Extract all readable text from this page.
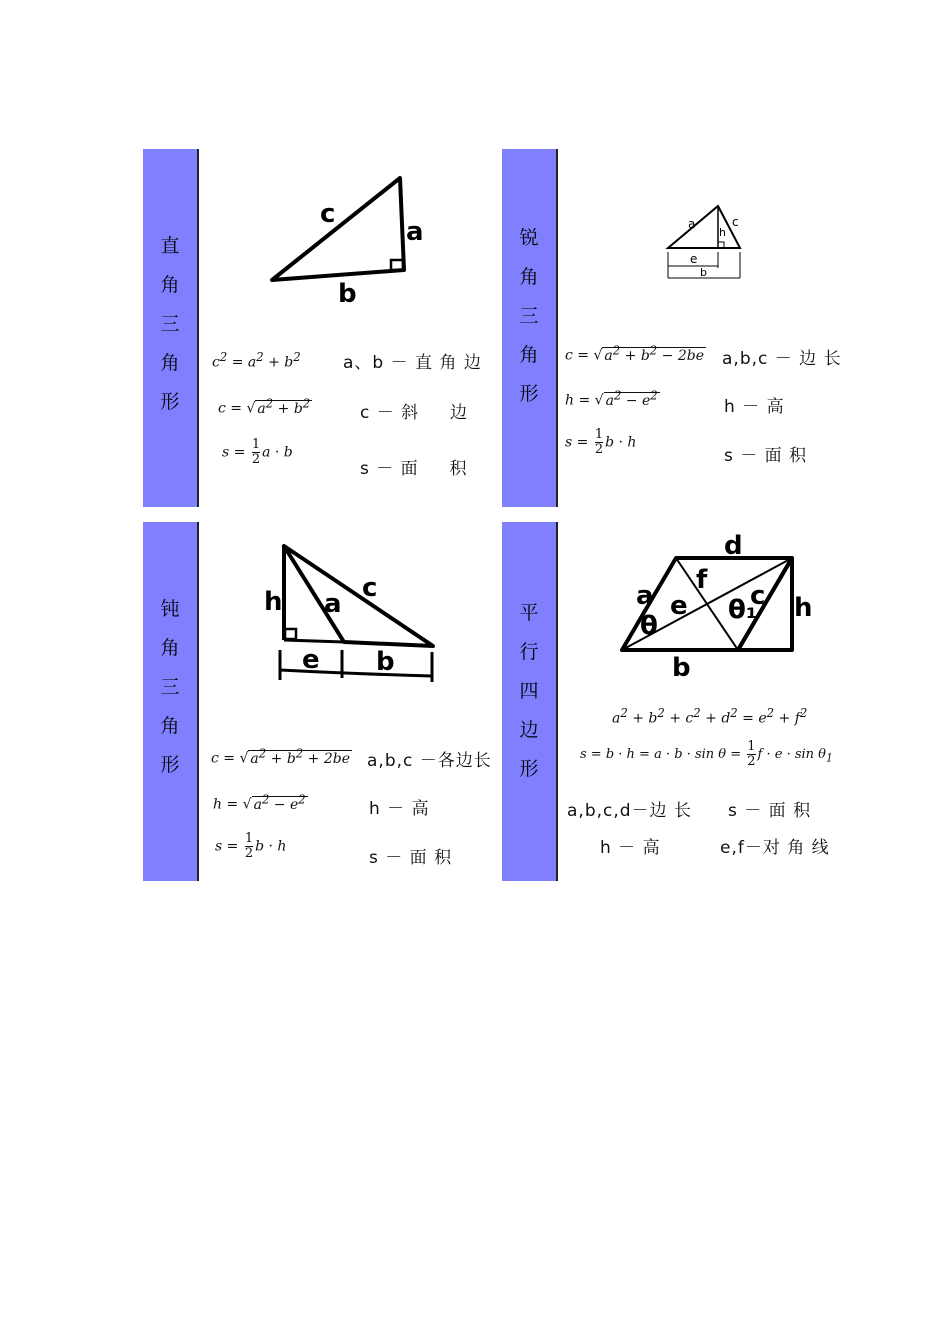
直
角
三
角
形
c
a
b
$c^2 = a^2 + b^2$
c = √ $a^2 + b^2$
$s = \frac{1}{2}$ a · b
a、b － 直 角 边
c － 斜 　 边
s － 面 　 积
锐
角
三
角
形
a
h
c
e
b
c = √ $a^2 + b^2 - 2be$
h = √ $a^2 - e^2$
$s = \frac{1}{2}$ b · h
a,b,c － 边 长
h － 高
s － 面 积
钝
角
三
角
形
h a
c
e b
c = √ $a^2 + b^2 + 2be$
h = √ $a^2 - e^2$
$s = \frac{1}{2}$ b · h
a,b,c －各边长
h － 高
s － 面 积
平
行
四
边
形
d
a
θ
e
f
θ₁
c h
b
$a^2 + b^2 + c^2 + d^2 = e^2 + f^2$
$s = b \cdot h = a \cdot b \cdot \sin \theta = \frac{1}{2}$ $f \cdot e \cdot \sin \theta_1$
a,b,c,d－边 长 s － 面 积
h － 高	e,f－对 角 线
